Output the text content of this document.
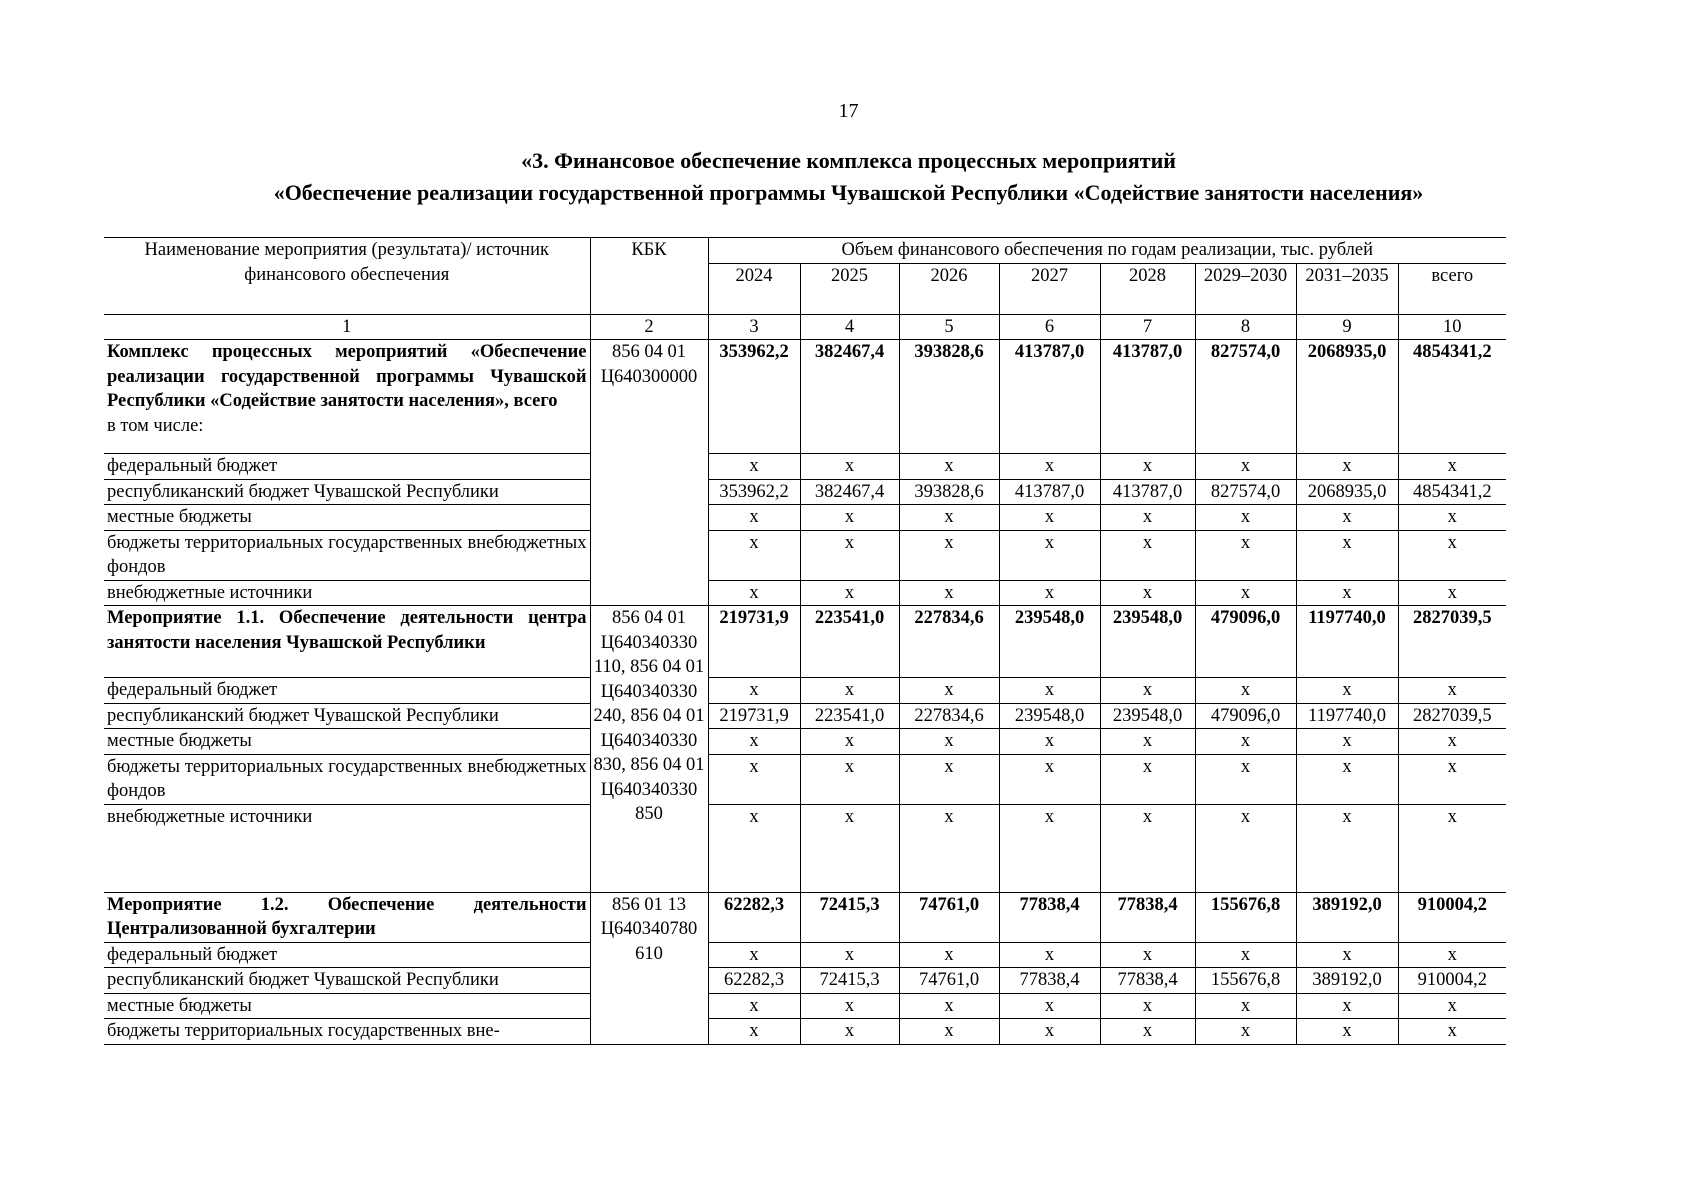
17
«3. Финансовое обеспечение комплекса процессных мероприятий
«Обеспечение реализации государственной программы Чувашской Республики «Содействие занятости населения»
Наименование мероприятия (результата)/ источник финансового обеспечения	КБК	Объем финансового обеспечения по годам реализации, тыс. рублей							
		2024	2025	2026	2027	2028	2029–2030	2031–2035	всего
1	2	3	4	5	6	7	8	9	10
Комплекс процессных мероприятий «Обеспечение реализации государственной программы Чувашской Республики «Содействие занятости населения», всего
в том числе:	856 04 01 Ц640300000	353962,2	382467,4	393828,6	413787,0	413787,0	827574,0	2068935,0	4854341,2
федеральный бюджет		x	x	x	x	x	x	x	x
республиканский бюджет Чувашской Республики		353962,2	382467,4	393828,6	413787,0	413787,0	827574,0	2068935,0	4854341,2
местные бюджеты		x	x	x	x	x	x	x	x
бюджеты территориальных государственных внебюджетных фондов		x	x	x	x	x	x	x	x
внебюджетные источники		x	x	x	x	x	x	x	x
Мероприятие 1.1. Обеспечение деятельности центра занятости населения Чувашской Республики	856 04 01 Ц640340330 110, 856 04 01 Ц640340330 240, 856 04 01 Ц640340330 830, 856 04 01 Ц640340330 850	219731,9	223541,0	227834,6	239548,0	239548,0	479096,0	1197740,0	2827039,5
федеральный бюджет		x	x	x	x	x	x	x	x
республиканский бюджет Чувашской Республики		219731,9	223541,0	227834,6	239548,0	239548,0	479096,0	1197740,0	2827039,5
местные бюджеты		x	x	x	x	x	x	x	x
бюджеты территориальных государственных внебюджетных фондов		x	x	x	x	x	x	x	x
внебюджетные источники		x	x	x	x	x	x	x	x
Мероприятие 1.2. Обеспечение деятельности Централизованной бухгалтерии	856 01 13 Ц640340780 610	62282,3	72415,3	74761,0	77838,4	77838,4	155676,8	389192,0	910004,2
федеральный бюджет		x	x	x	x	x	x	x	x
республиканский бюджет Чувашской Республики		62282,3	72415,3	74761,0	77838,4	77838,4	155676,8	389192,0	910004,2
местные бюджеты		x	x	x	x	x	x	x	x
бюджеты территориальных государственных вне-		x	x	x	x	x	x	x	x
